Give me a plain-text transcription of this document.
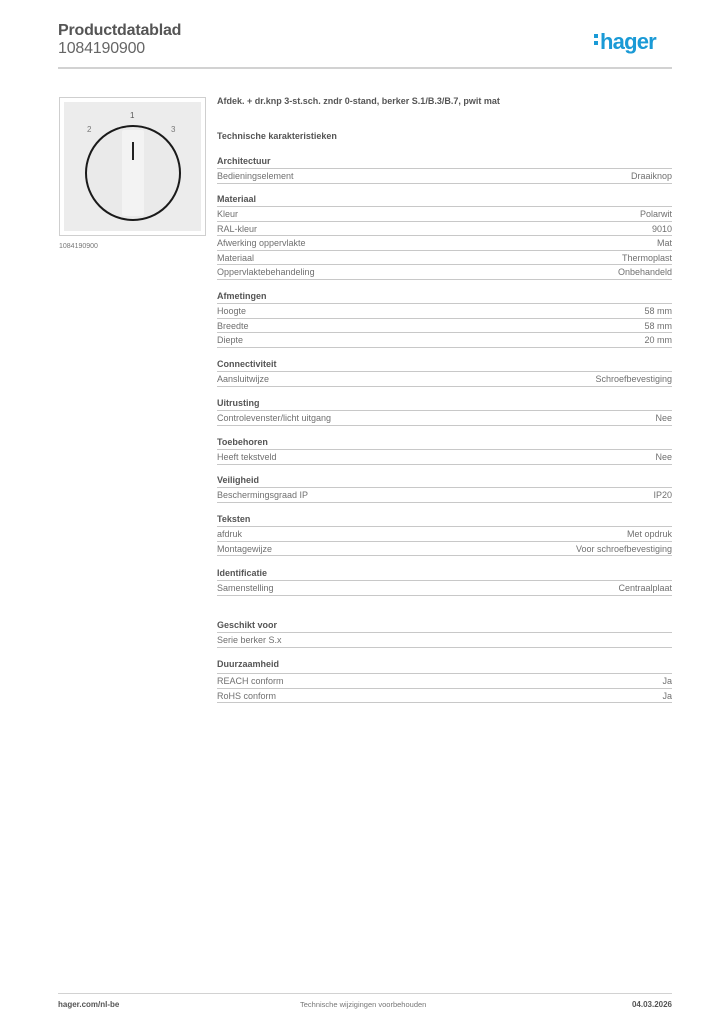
Productdatablad
1084190900	hager
1
2	3
1084190900
Afdek. + dr.knp 3-st.sch. zndr 0-stand, berker S.1/B.3/B.7, pwit mat
Technische karakteristieken
Architectuur
Bedieningselement	Draaiknop
Materiaal
Kleur	Polarwit
RAL-kleur	9010
Afwerking oppervlakte	Mat
Materiaal	Thermoplast
Oppervlaktebehandeling	Onbehandeld
Afmetingen
Hoogte	58 mm
Breedte	58 mm
Diepte	20 mm
Connectiviteit
Aansluitwijze	Schroefbevestiging
Uitrusting
Controlevenster/licht uitgang	Nee
Toebehoren
Heeft tekstveld	Nee
Veiligheid
Beschermingsgraad IP	IP20
Teksten
afdruk	Met opdruk
Montagewijze	Voor schroefbevestiging
Identificatie
Samenstelling	Centraalplaat
Geschikt voor
Serie berker S.x
Duurzaamheid
REACH conform	Ja
RoHS conform	Ja
hager.com/nl-be	Technische wijzigingen voorbehouden	04.03.2026
